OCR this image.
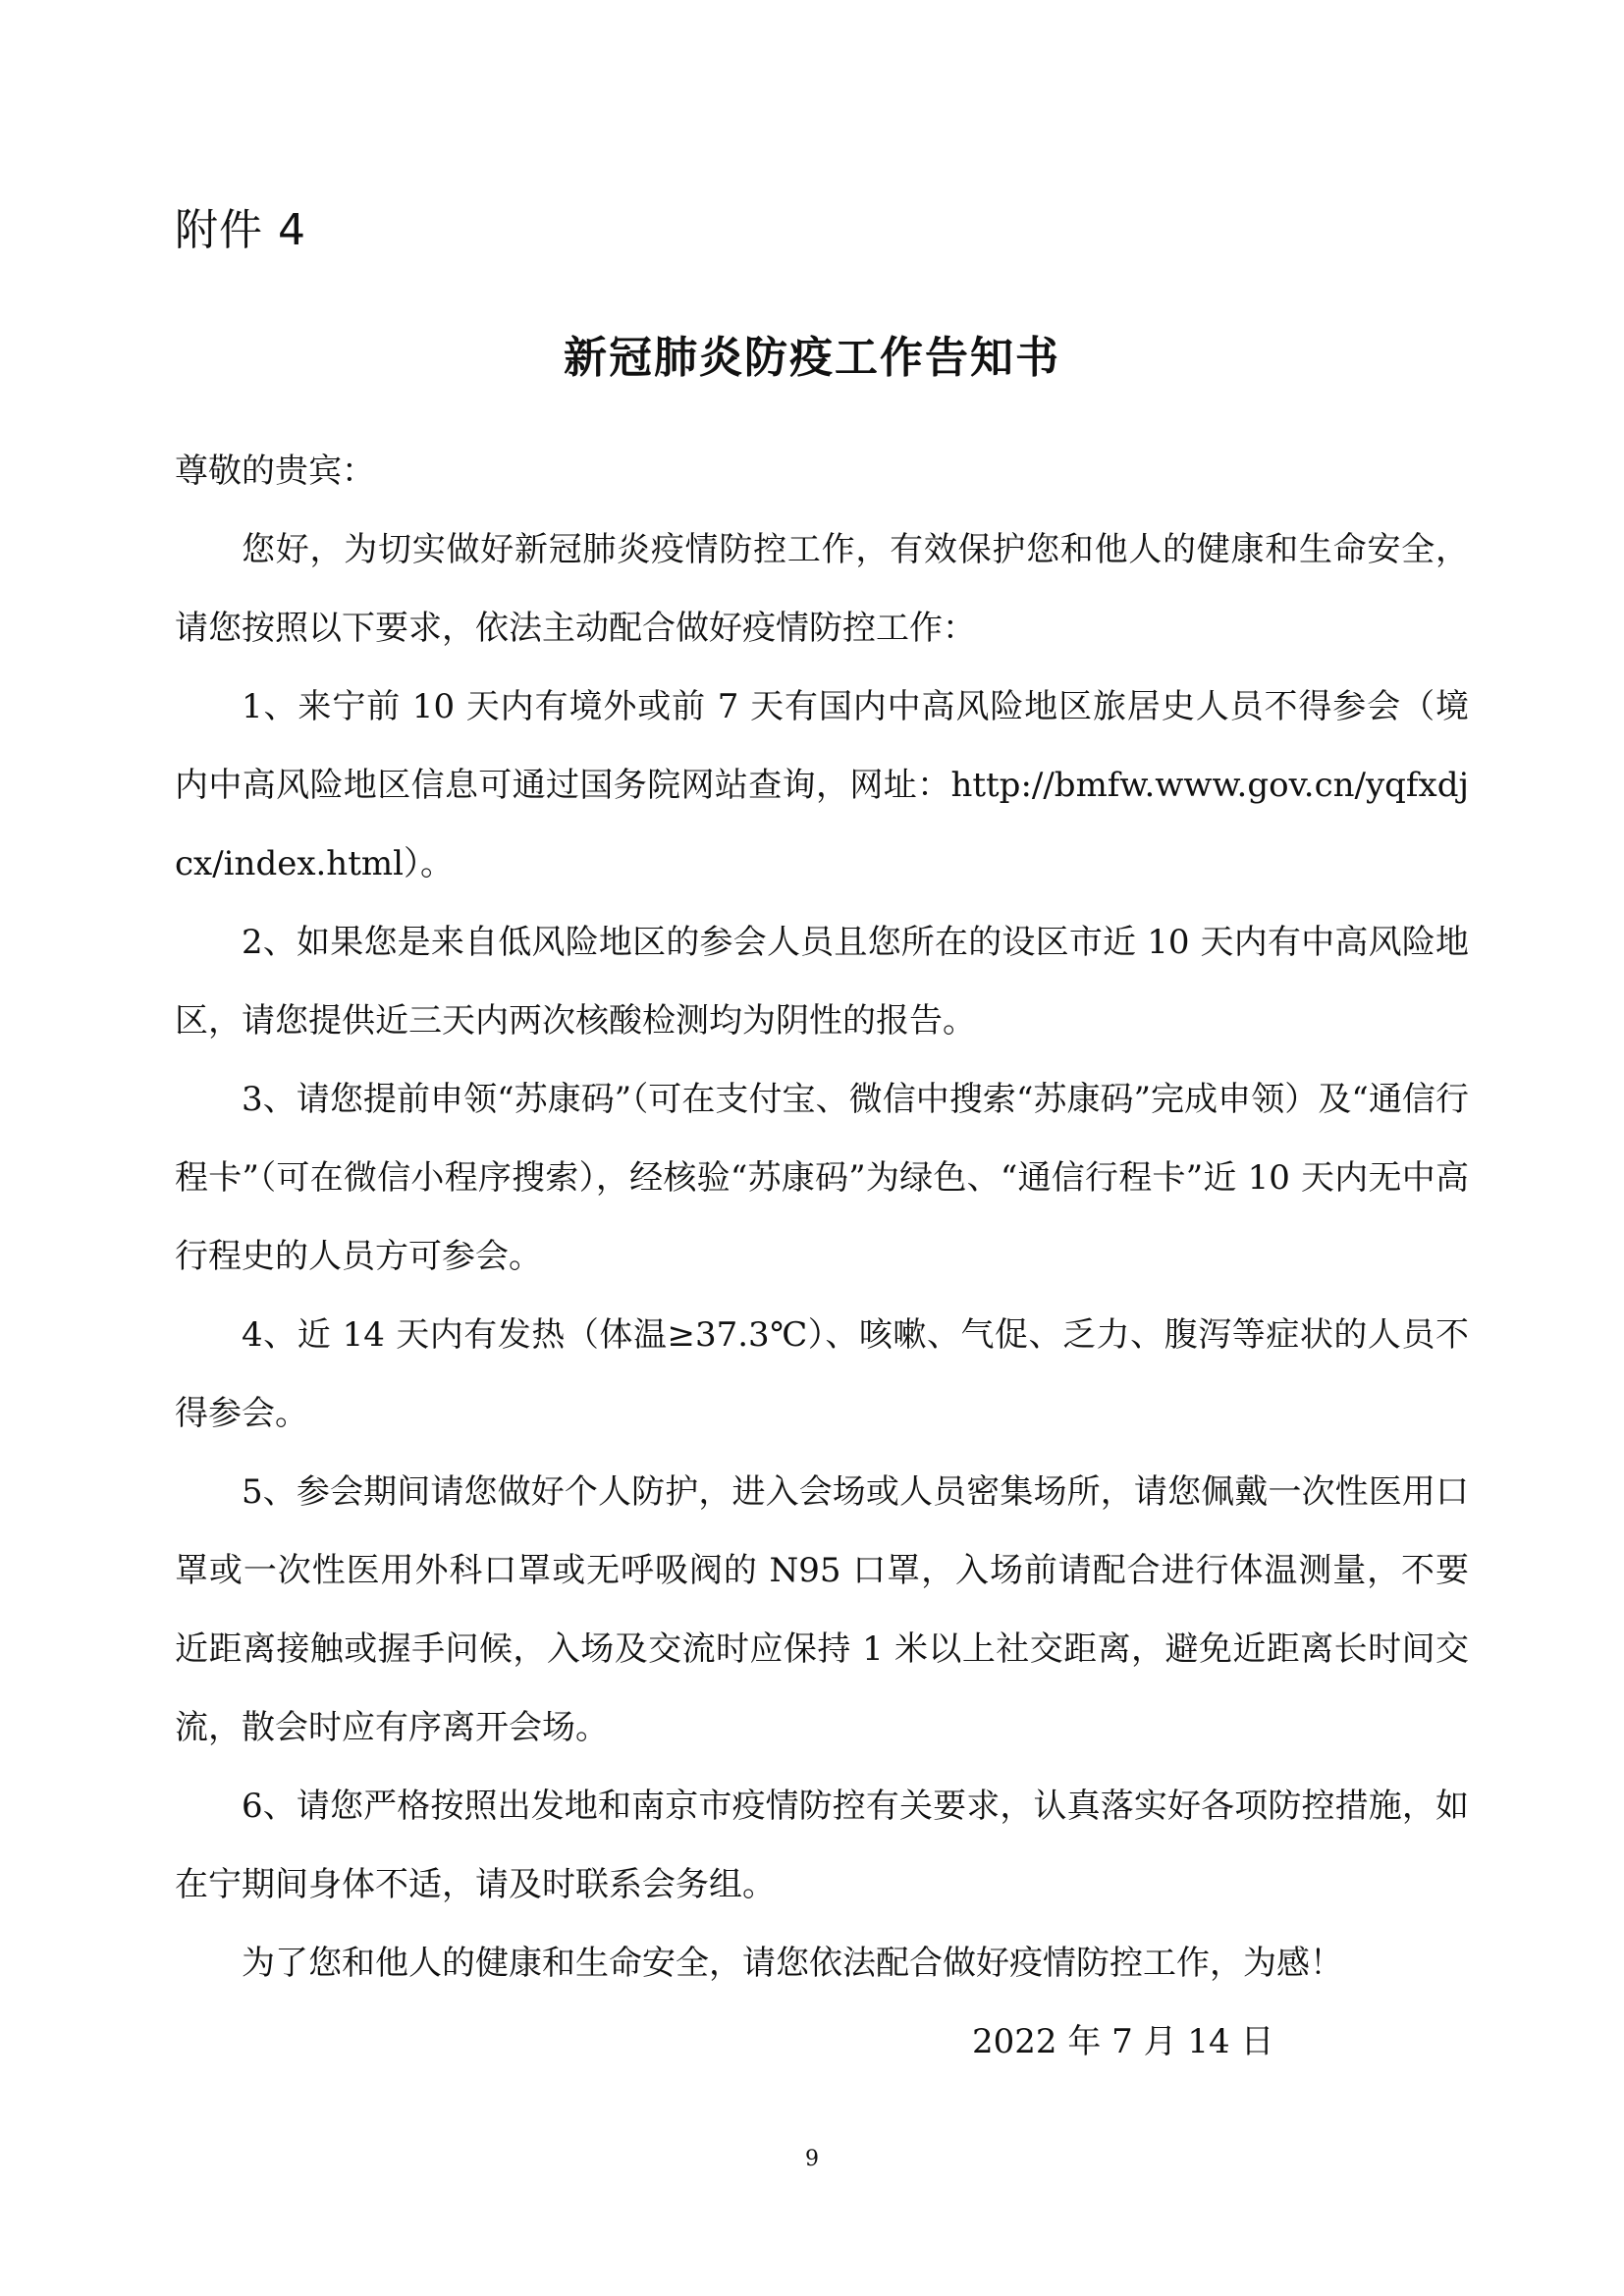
附件 4
新冠肺炎防疫工作告知书

尊敬的贵宾：

您好，为切实做好新冠肺炎疫情防控工作，有效保护您和他人的健康和生命安全，请您按照以下要求，依法主动配合做好疫情防控工作：

1、来宁前 10 天内有境外或前 7 天有国内中高风险地区旅居史人员不得参会（境内中高风险地区信息可通过国务院网站查询，网址：http://bmfw.www.gov.cn/yqfxdjcx/index.html）。

2、如果您是来自低风险地区的参会人员且您所在的设区市近 10 天内有中高风险地区，请您提供近三天内两次核酸检测均为阴性的报告。

3、请您提前申领“苏康码”（可在支付宝、微信中搜索“苏康码”完成申领）及“通信行程卡”（可在微信小程序搜索），经核验“苏康码”为绿色、“通信行程卡”近 10 天内无中高行程史的人员方可参会。

4、近 14 天内有发热（体温≥37.3℃）、咳嗽、气促、乏力、腹泻等症状的人员不得参会。

5、参会期间请您做好个人防护，进入会场或人员密集场所，请您佩戴一次性医用口罩或一次性医用外科口罩或无呼吸阀的 N95 口罩，入场前请配合进行体温测量，不要近距离接触或握手问候，入场及交流时应保持 1 米以上社交距离，避免近距离长时间交流，散会时应有序离开会场。

6、请您严格按照出发地和南京市疫情防控有关要求，认真落实好各项防控措施，如在宁期间身体不适，请及时联系会务组。

为了您和他人的健康和生命安全，请您依法配合做好疫情防控工作，为感！

2022 年 7 月 14 日
9
